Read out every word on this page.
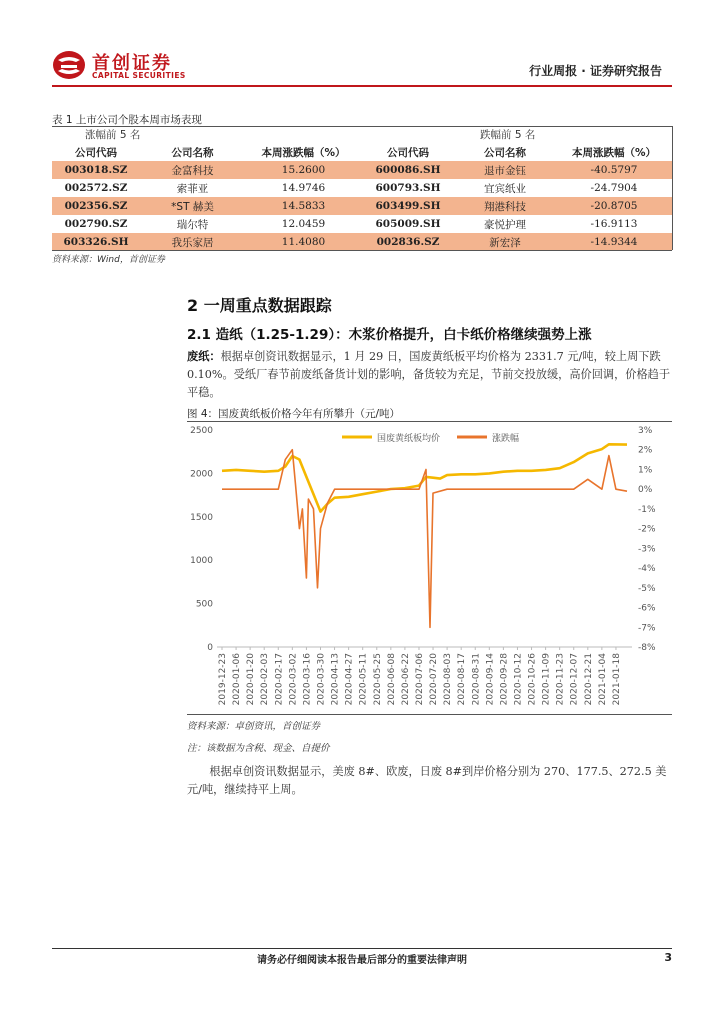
首创证券
CAPITAL SECURITIES	行业周报 · 证券研究报告
表 1 上市公司个股本周市场表现
涨幅前 5 名	跌幅前 5 名
公司代码	公司名称	本周涨跌幅（%）	公司代码	公司名称	本周涨跌幅（%）
003018.SZ	金富科技	15.2600	600086.SH	退市金钰	-40.5797
002572.SZ	索菲亚	14.9746	600793.SH	宜宾纸业	-24.7904
002356.SZ	*ST 赫美	14.5833	603499.SH	翔港科技	-20.8705
002790.SZ	瑞尔特	12.0459	605009.SH	豪悦护理	-16.9113
603326.SH	我乐家居	11.4080	002836.SZ	新宏泽	-14.9344
资料来源：Wind，首创证券
2 一周重点数据跟踪
2.1 造纸（1.25-1.29）：木浆价格提升，白卡纸价格继续强势上涨
废纸：根据卓创资讯数据显示，1 月 29 日，国废黄纸板平均价格为 2331.7 元/吨，较上周下跌 0.10%。受纸厂春节前废纸备货计划的影响，备货较为充足，节前交投放缓，高价回调，价格趋于平稳。
图 4：国废黄纸板价格今年有所攀升（元/吨）
2500
2000
1500
1000
500
0
3%
2%
1%
0%
-1%
-2%
-3%
-4%
-5%
-6%
-7%
-8%
2019-12-23 2020-01-06 2020-01-20 2020-02-03 2020-02-17 2020-03-02 2020-03-16 2020-03-30 2020-04-13 2020-04-27 2020-05-11 2020-05-25 2020-06-08 2020-06-22 2020-07-06 2020-07-20 2020-08-03 2020-08-17 2020-08-31 2020-09-14 2020-09-28 2020-10-12 2020-10-26 2020-11-09 2020-11-23 2020-12-07 2020-12-21 2021-01-04 2021-01-18
国废黄纸板均价	涨跌幅
资料来源：卓创资讯，首创证券
注：该数据为含税、现金、自提价
根据卓创资讯数据显示，美废 8#、欧废，日废 8#到岸价格分别为 270、177.5、272.5 美元/吨，继续持平上周。
请务必仔细阅读本报告最后部分的重要法律声明	3
